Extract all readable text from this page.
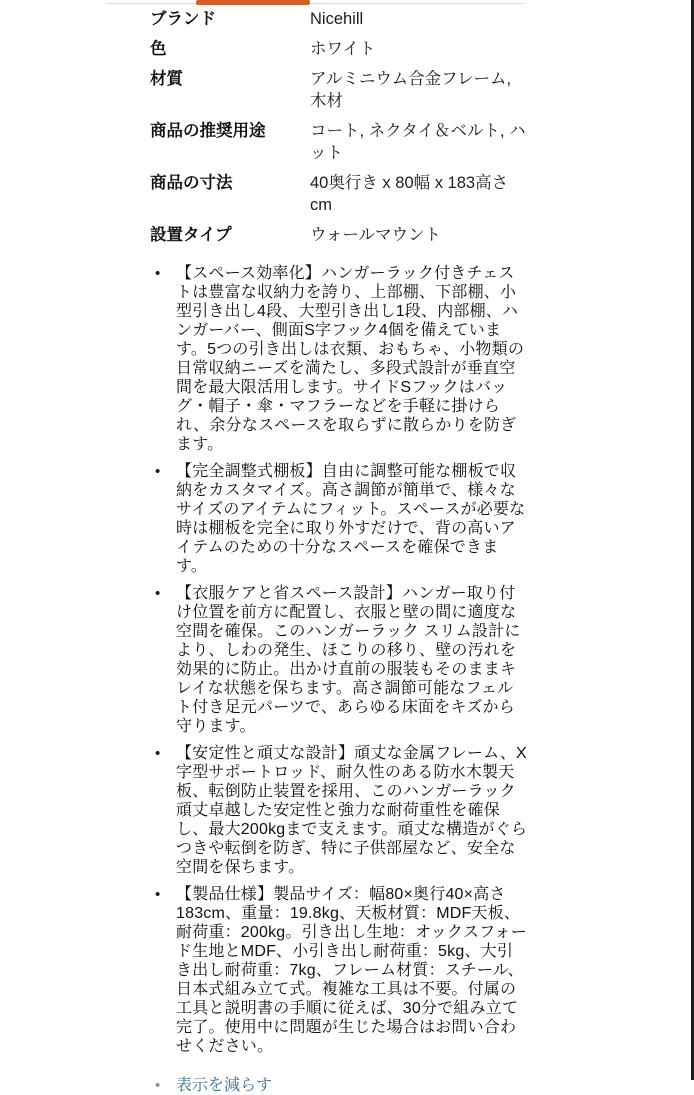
ブランド	Nicehill
色	ホワイト
材質	アルミニウム合金フレーム, 木材
商品の推奨用途	コート, ネクタイ＆ベルト, ハット
商品の寸法	40奥行き x 80幅 x 183高さ cm
設置タイプ	ウォールマウント
• 【スペース効率化】ハンガーラック付きチェストは豊富な収納力を誇り、上部棚、下部棚、小型引き出し4段、大型引き出し1段、内部棚、ハンガーバー、側面S字フック4個を備えています。5つの引き出しは衣類、おもちゃ、小物類の日常収納ニーズを満たし、多段式設計が垂直空間を最大限活用します。サイドSフックはバッグ・帽子・傘・マフラーなどを手軽に掛けられ、余分なスペースを取らずに散らかりを防ぎます。
• 【完全調整式棚板】自由に調整可能な棚板で収納をカスタマイズ。高さ調節が簡単で、様々なサイズのアイテムにフィット。スペースが必要な時は棚板を完全に取り外すだけで、背の高いアイテムのための十分なスペースを確保できます。
• 【衣服ケアと省スペース設計】ハンガー取り付け位置を前方に配置し、衣服と壁の間に適度な空間を確保。このハンガーラック スリム設計により、しわの発生、ほこりの移り、壁の汚れを効果的に防止。出かけ直前の服装もそのままキレイな状態を保ちます。高さ調節可能なフェルト付き足元パーツで、あらゆる床面をキズから守ります。
• 【安定性と頑丈な設計】頑丈な金属フレーム、X字型サポートロッド、耐久性のある防水木製天板、転倒防止装置を採用、このハンガーラック 頑丈卓越した安定性と強力な耐荷重性を確保し、最大200kgまで支えます。頑丈な構造がぐらつきや転倒を防ぎ、特に子供部屋など、安全な空間を保ちます。
• 【製品仕様】製品サイズ：幅80×奥行40×高さ183cm、重量：19.8kg、天板材質：MDF天板、耐荷重：200kg。引き出し生地：オックスフォード生地とMDF、小引き出し耐荷重：5kg、大引き出し耐荷重：7kg、フレーム材質：スチール、日本式組み立て式。複雑な工具は不要。付属の工具と説明書の手順に従えば、30分で組み立て完了。使用中に問題が生じた場合はお問い合わせください。
• 表示を減らす
